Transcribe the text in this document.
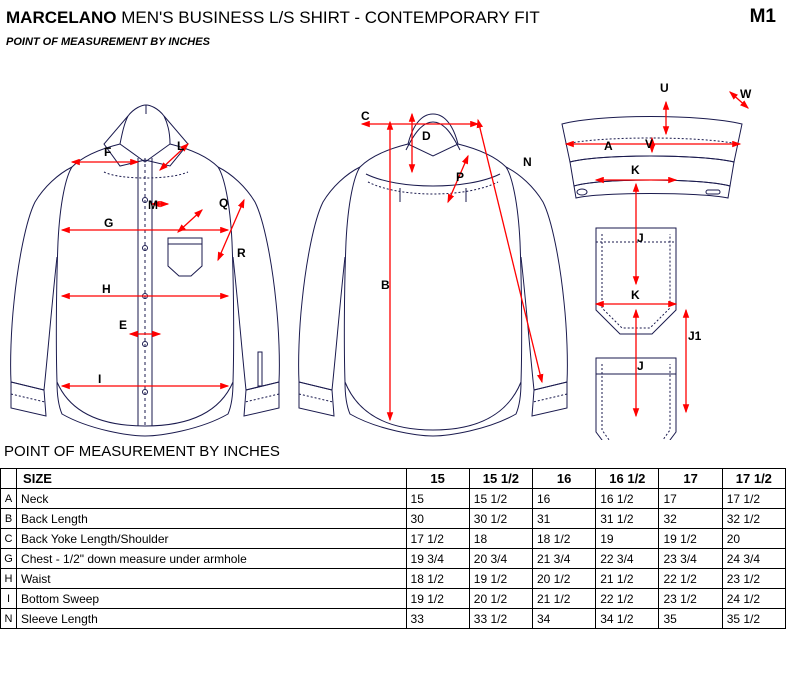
MARCELANO MEN'S BUSINESS L/S SHIRT - CONTEMPORARY FIT	M1
POINT OF MEASUREMENT BY INCHES
F	L
M
G
Q
R
H
E
I
C
D
B
N
P
U
V
W
A
K
J
K
J
J1
POINT OF MEASUREMENT BY INCHES
	SIZE	15	15 1/2	16	16 1/2	17	17 1/2
A	Neck	15	15 1/2	16	16 1/2	17	17 1/2
B	Back Length	30	30 1/2	31	31 1/2	32	32 1/2
C	Back Yoke Length/Shoulder	17 1/2	18	18 1/2	19	19 1/2	20
G	Chest - 1/2" down measure under armhole	19 3/4	20 3/4	21 3/4	22 3/4	23 3/4	24 3/4
H	Waist	18 1/2	19 1/2	20 1/2	21 1/2	22 1/2	23 1/2
I	Bottom Sweep	19 1/2	20 1/2	21 1/2	22 1/2	23 1/2	24 1/2
N	Sleeve Length	33	33 1/2	34	34 1/2	35	35 1/2
